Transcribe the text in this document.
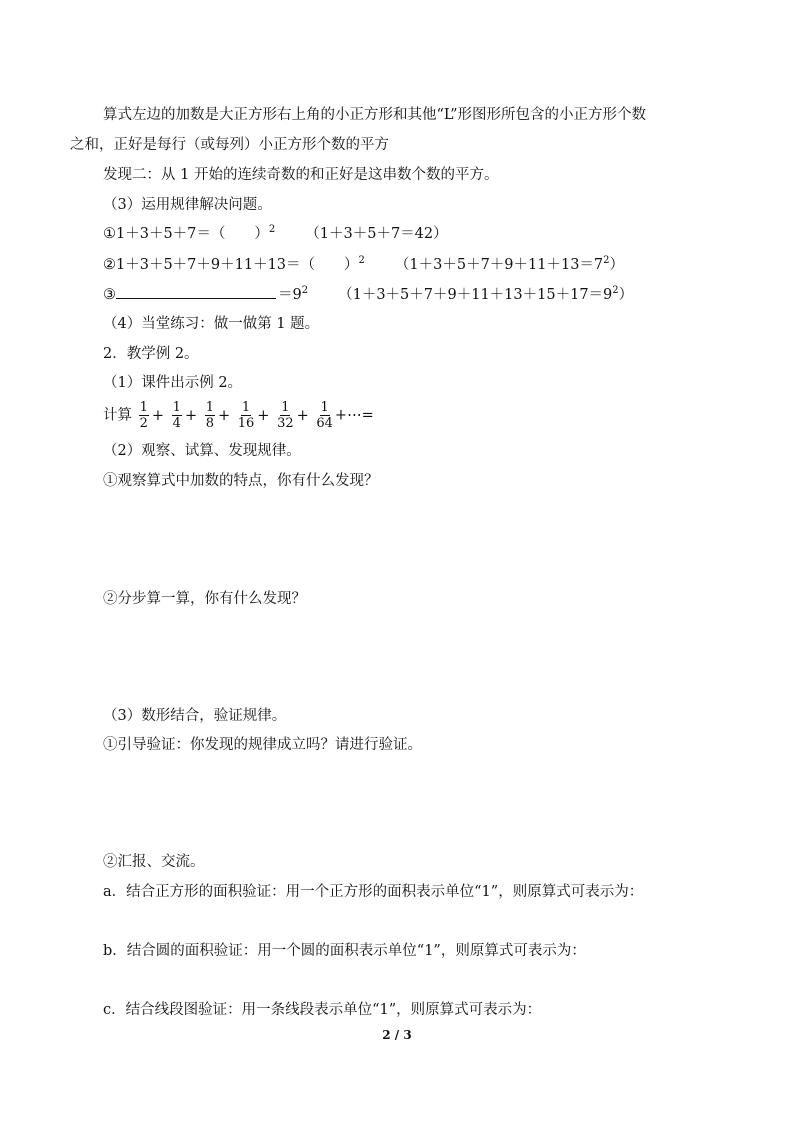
算式左边的加数是大正方形右上角的小正方形和其他“L”形图形所包含的小正方形个数
之和，正好是每行（或每列）小正方形个数的平方
发现二：从 1 开始的连续奇数的和正好是这串数个数的平方。
（3）运用规律解决问题。
①1＋3＋5＋7＝（　　）$^2$ （1＋3＋5＋7＝42）
②1＋3＋5＋7＋9＋11＋13＝（　　）$^2$ $(1+3+5+7+9+11+13=7^2)$
③	$=9^2$ $(1+3+5+7+9+11+13+15+17=9^2)$
（4）当堂练习：做一做第 1 题。
2．教学例 2。
（1）课件出示例 2。
计算 $\frac{1}{2} + \frac{1}{4} + \frac{1}{8} + \frac{1}{16} + \frac{1}{32} + \frac{1}{64}$ +⋯=
（2）观察、试算、发现规律。
①观察算式中加数的特点，你有什么发现？
②分步算一算，你有什么发现？
（3）数形结合，验证规律。
①引导验证：你发现的规律成立吗？请进行验证。
②汇报、交流。
a．结合正方形的面积验证：用一个正方形的面积表示单位“1”，则原算式可表示为：
b．结合圆的面积验证：用一个圆的面积表示单位“1”，则原算式可表示为：
c．结合线段图验证：用一条线段表示单位“1”，则原算式可表示为：
2 / 3
